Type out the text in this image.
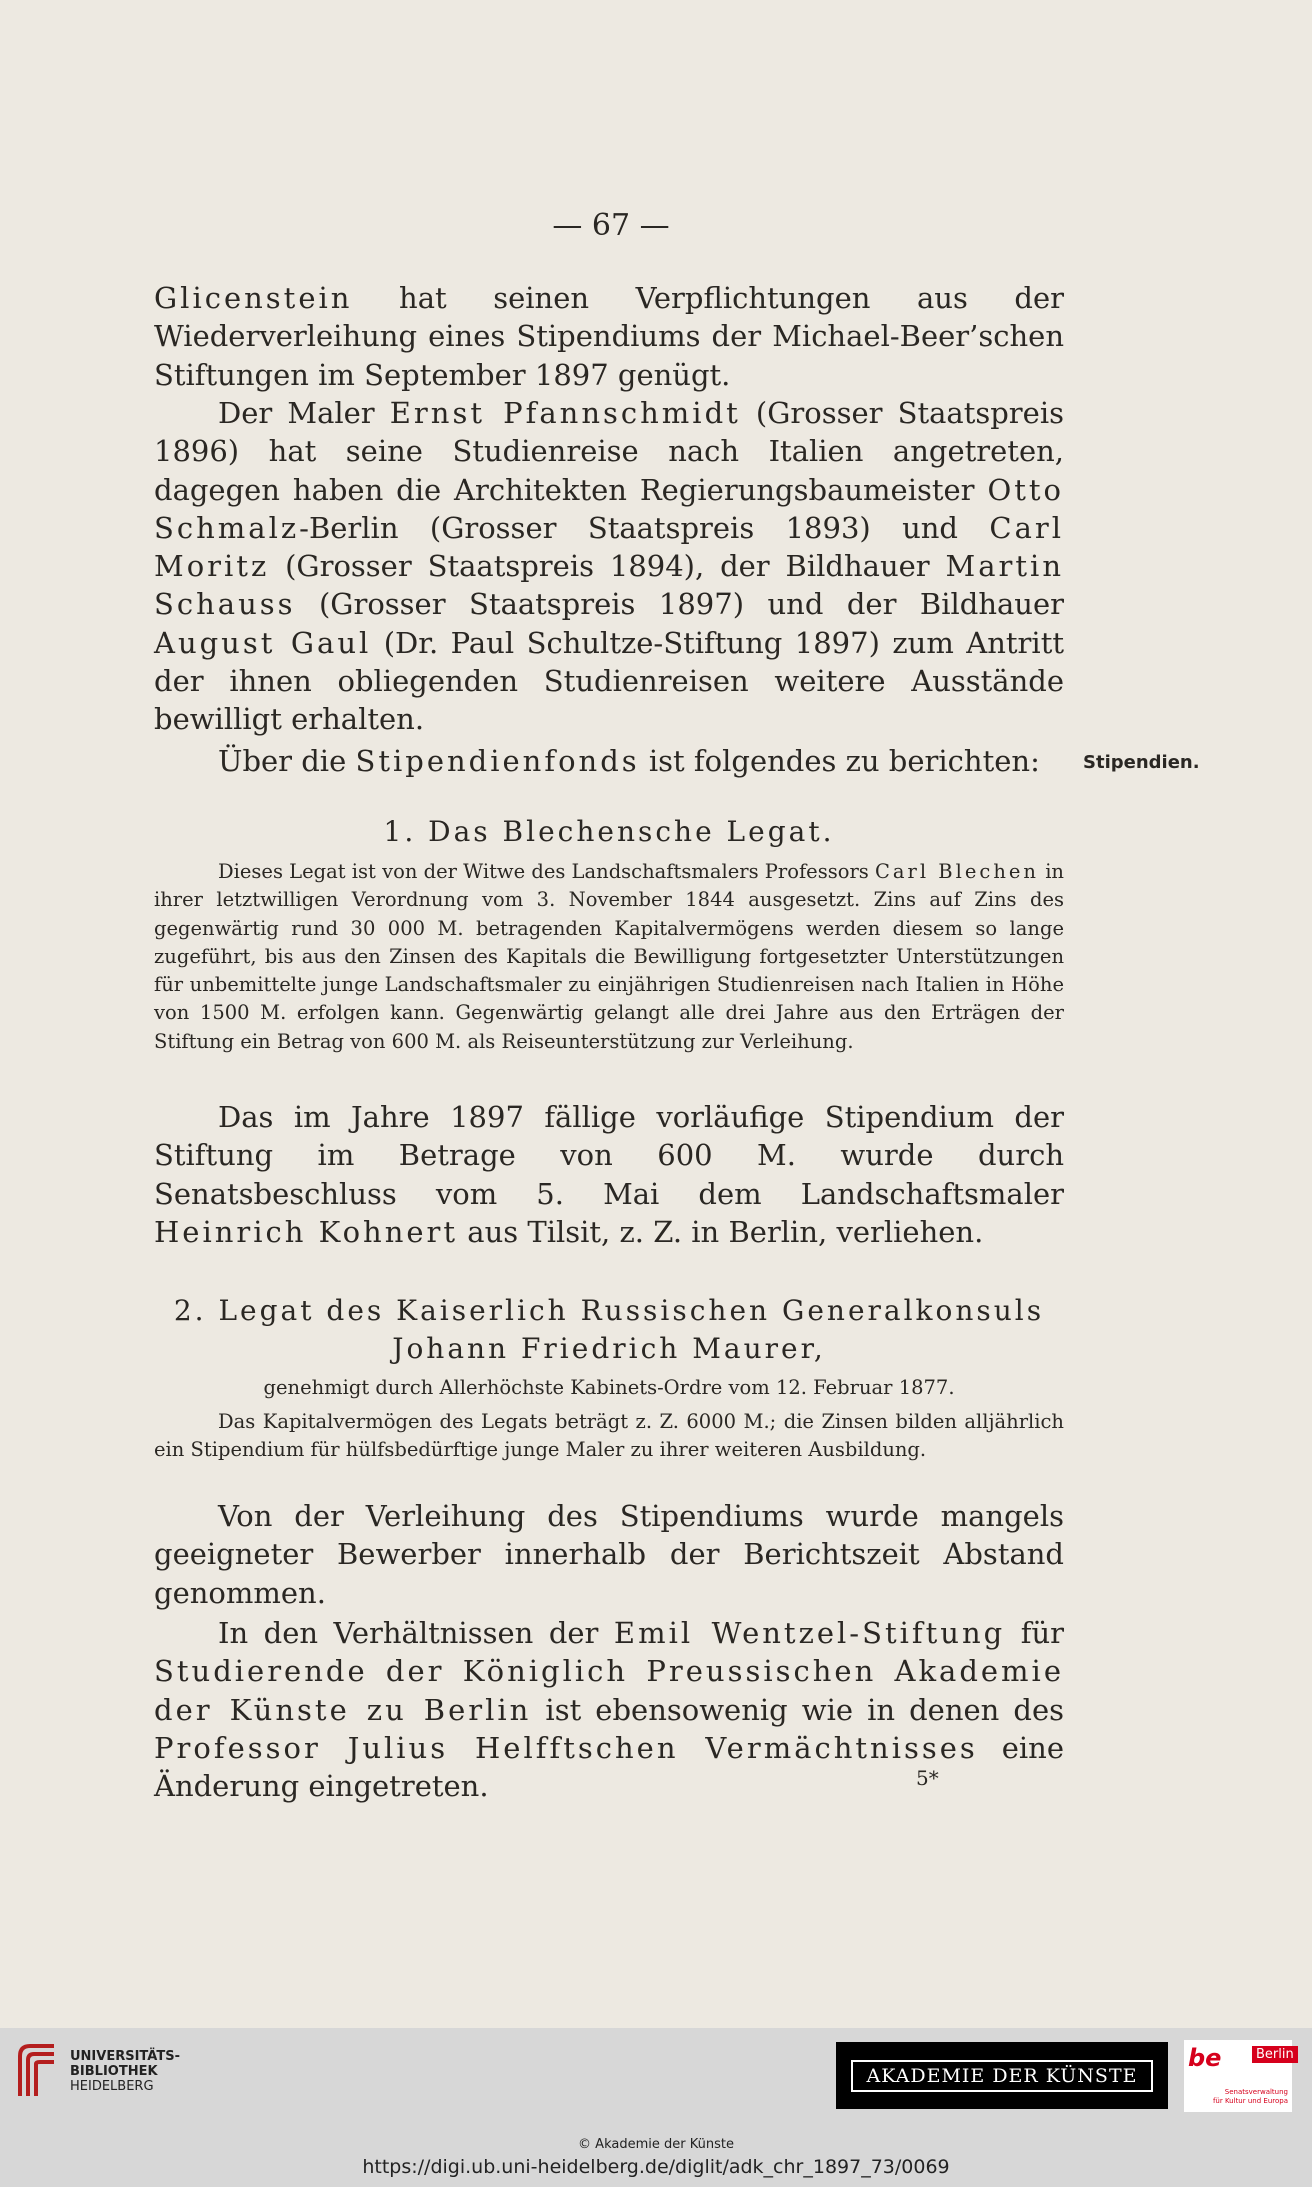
— 67 —

Glicenstein hat seinen Verpflichtungen aus der Wiederverleihung eines Stipendiums der Michael-Beer’schen Stiftungen im September 1897 genügt.

Der Maler Ernst Pfannschmidt (Grosser Staatspreis 1896) hat seine Studienreise nach Italien angetreten, dagegen haben die Architekten Regierungsbaumeister Otto Schmalz-Berlin (Grosser Staatspreis 1893) und Carl Moritz (Grosser Staatspreis 1894), der Bildhauer Martin Schauss (Grosser Staatspreis 1897) und der Bildhauer August Gaul (Dr. Paul Schultze-Stiftung 1897) zum Antritt der ihnen obliegenden Studienreisen weitere Ausstände bewilligt erhalten.

Über die Stipendienfonds ist folgendes zu berichten:	Stipendien.

1. Das Blechensche Legat.

Dieses Legat ist von der Witwe des Landschaftsmalers Professors Carl Blechen in ihrer letztwilligen Verordnung vom 3. November 1844 ausgesetzt. Zins auf Zins des gegenwärtig rund 30 000 M. betragenden Kapitalvermögens werden diesem so lange zugeführt, bis aus den Zinsen des Kapitals die Bewilligung fortgesetzter Unterstützungen für unbemittelte junge Landschaftsmaler zu einjährigen Studienreisen nach Italien in Höhe von 1500 M. erfolgen kann. Gegenwärtig gelangt alle drei Jahre aus den Erträgen der Stiftung ein Betrag von 600 M. als Reiseunterstützung zur Verleihung.

Das im Jahre 1897 fällige vorläufige Stipendium der Stiftung im Betrage von 600 M. wurde durch Senatsbeschluss vom 5. Mai dem Landschaftsmaler Heinrich Kohnert aus Tilsit, z. Z. in Berlin, verliehen.

2. Legat des Kaiserlich Russischen Generalkonsuls
Johann Friedrich Maurer,

genehmigt durch Allerhöchste Kabinets-Ordre vom 12. Februar 1877.

Das Kapitalvermögen des Legats beträgt z. Z. 6000 M.; die Zinsen bilden alljährlich ein Stipendium für hülfsbedürftige junge Maler zu ihrer weiteren Ausbildung.

Von der Verleihung des Stipendiums wurde mangels geeigneter Bewerber innerhalb der Berichtszeit Abstand genommen.

In den Verhältnissen der Emil Wentzel-Stiftung für Studierende der Königlich Preussischen Akademie der Künste zu Berlin ist ebensowenig wie in denen des Professor Julius Helfftschen Vermächtnisses eine Änderung eingetreten.	5*
UNIVERSITÄTS-
BIBLIOTHEK
HEIDELBERG	AKADEMIE DER KÜNSTE
be	Berlin
Senatsverwaltung
für Kultur und Europa
© Akademie der Künste
https://digi.ub.uni-heidelberg.de/diglit/adk_chr_1897_73/0069
